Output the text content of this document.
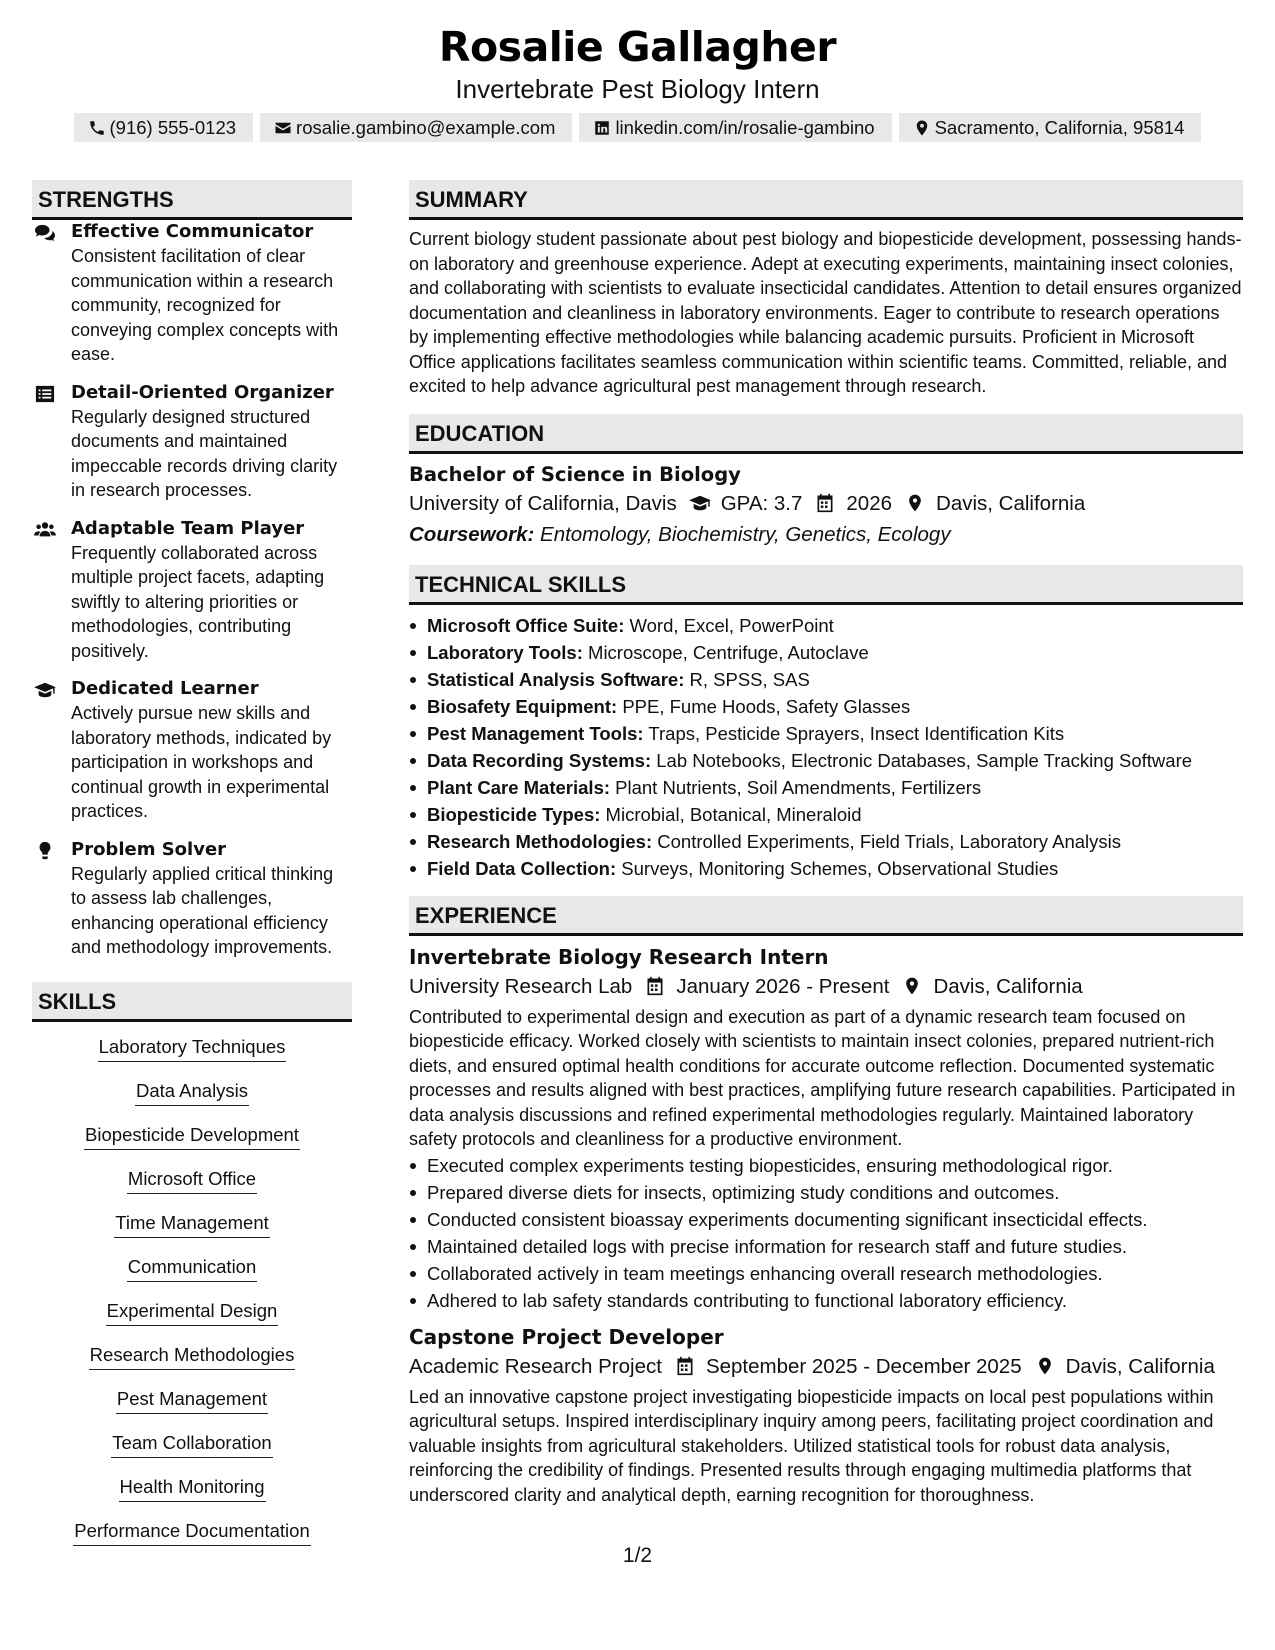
Rosalie Gallagher
Invertebrate Pest Biology Intern
(916) 555-0123	rosalie.gambino@example.com	linkedin.com/in/rosalie-gambino	Sacramento, California, 95814
STRENGTHS
Effective Communicator
Consistent facilitation of clear communication within a research community, recognized for conveying complex concepts with ease.
Detail-Oriented Organizer
Regularly designed structured documents and maintained impeccable records driving clarity in research processes.
Adaptable Team Player
Frequently collaborated across multiple project facets, adapting swiftly to altering priorities or methodologies, contributing positively.
Dedicated Learner
Actively pursue new skills and laboratory methods, indicated by participation in workshops and continual growth in experimental practices.
Problem Solver
Regularly applied critical thinking to assess lab challenges, enhancing operational efficiency and methodology improvements.
SKILLS
Laboratory Techniques
Data Analysis
Biopesticide Development
Microsoft Office
Time Management
Communication
Experimental Design
Research Methodologies
Pest Management
Team Collaboration
Health Monitoring
Performance Documentation
SUMMARY
Current biology student passionate about pest biology and biopesticide development, possessing hands-on laboratory and greenhouse experience. Adept at executing experiments, maintaining insect colonies, and collaborating with scientists to evaluate insecticidal candidates. Attention to detail ensures organized documentation and cleanliness in laboratory environments. Eager to contribute to research operations by implementing effective methodologies while balancing academic pursuits. Proficient in Microsoft Office applications facilitates seamless communication within scientific teams. Committed, reliable, and excited to help advance agricultural pest management through research.
EDUCATION
Bachelor of Science in Biology
University of California, Davis GPA: 3.7 2026 Davis, California
Coursework: Entomology, Biochemistry, Genetics, Ecology
TECHNICAL SKILLS
Microsoft Office Suite: Word, Excel, PowerPoint
Laboratory Tools: Microscope, Centrifuge, Autoclave
Statistical Analysis Software: R, SPSS, SAS
Biosafety Equipment: PPE, Fume Hoods, Safety Glasses
Pest Management Tools: Traps, Pesticide Sprayers, Insect Identification Kits
Data Recording Systems: Lab Notebooks, Electronic Databases, Sample Tracking Software
Plant Care Materials: Plant Nutrients, Soil Amendments, Fertilizers
Biopesticide Types: Microbial, Botanical, Mineraloid
Research Methodologies: Controlled Experiments, Field Trials, Laboratory Analysis
Field Data Collection: Surveys, Monitoring Schemes, Observational Studies
EXPERIENCE
Invertebrate Biology Research Intern
University Research Lab January 2026 - Present Davis, California
Contributed to experimental design and execution as part of a dynamic research team focused on biopesticide efficacy. Worked closely with scientists to maintain insect colonies, prepared nutrient-rich diets, and ensured optimal health conditions for accurate outcome reflection. Documented systematic processes and results aligned with best practices, amplifying future research capabilities. Participated in data analysis discussions and refined experimental methodologies regularly. Maintained laboratory safety protocols and cleanliness for a productive environment.
Executed complex experiments testing biopesticides, ensuring methodological rigor.
Prepared diverse diets for insects, optimizing study conditions and outcomes.
Conducted consistent bioassay experiments documenting significant insecticidal effects.
Maintained detailed logs with precise information for research staff and future studies.
Collaborated actively in team meetings enhancing overall research methodologies.
Adhered to lab safety standards contributing to functional laboratory efficiency.
Capstone Project Developer
Academic Research Project September 2025 - December 2025 Davis, California
Led an innovative capstone project investigating biopesticide impacts on local pest populations within agricultural setups. Inspired interdisciplinary inquiry among peers, facilitating project coordination and valuable insights from agricultural stakeholders. Utilized statistical tools for robust data analysis, reinforcing the credibility of findings. Presented results through engaging multimedia platforms that underscored clarity and analytical depth, earning recognition for thoroughness.
1/2
